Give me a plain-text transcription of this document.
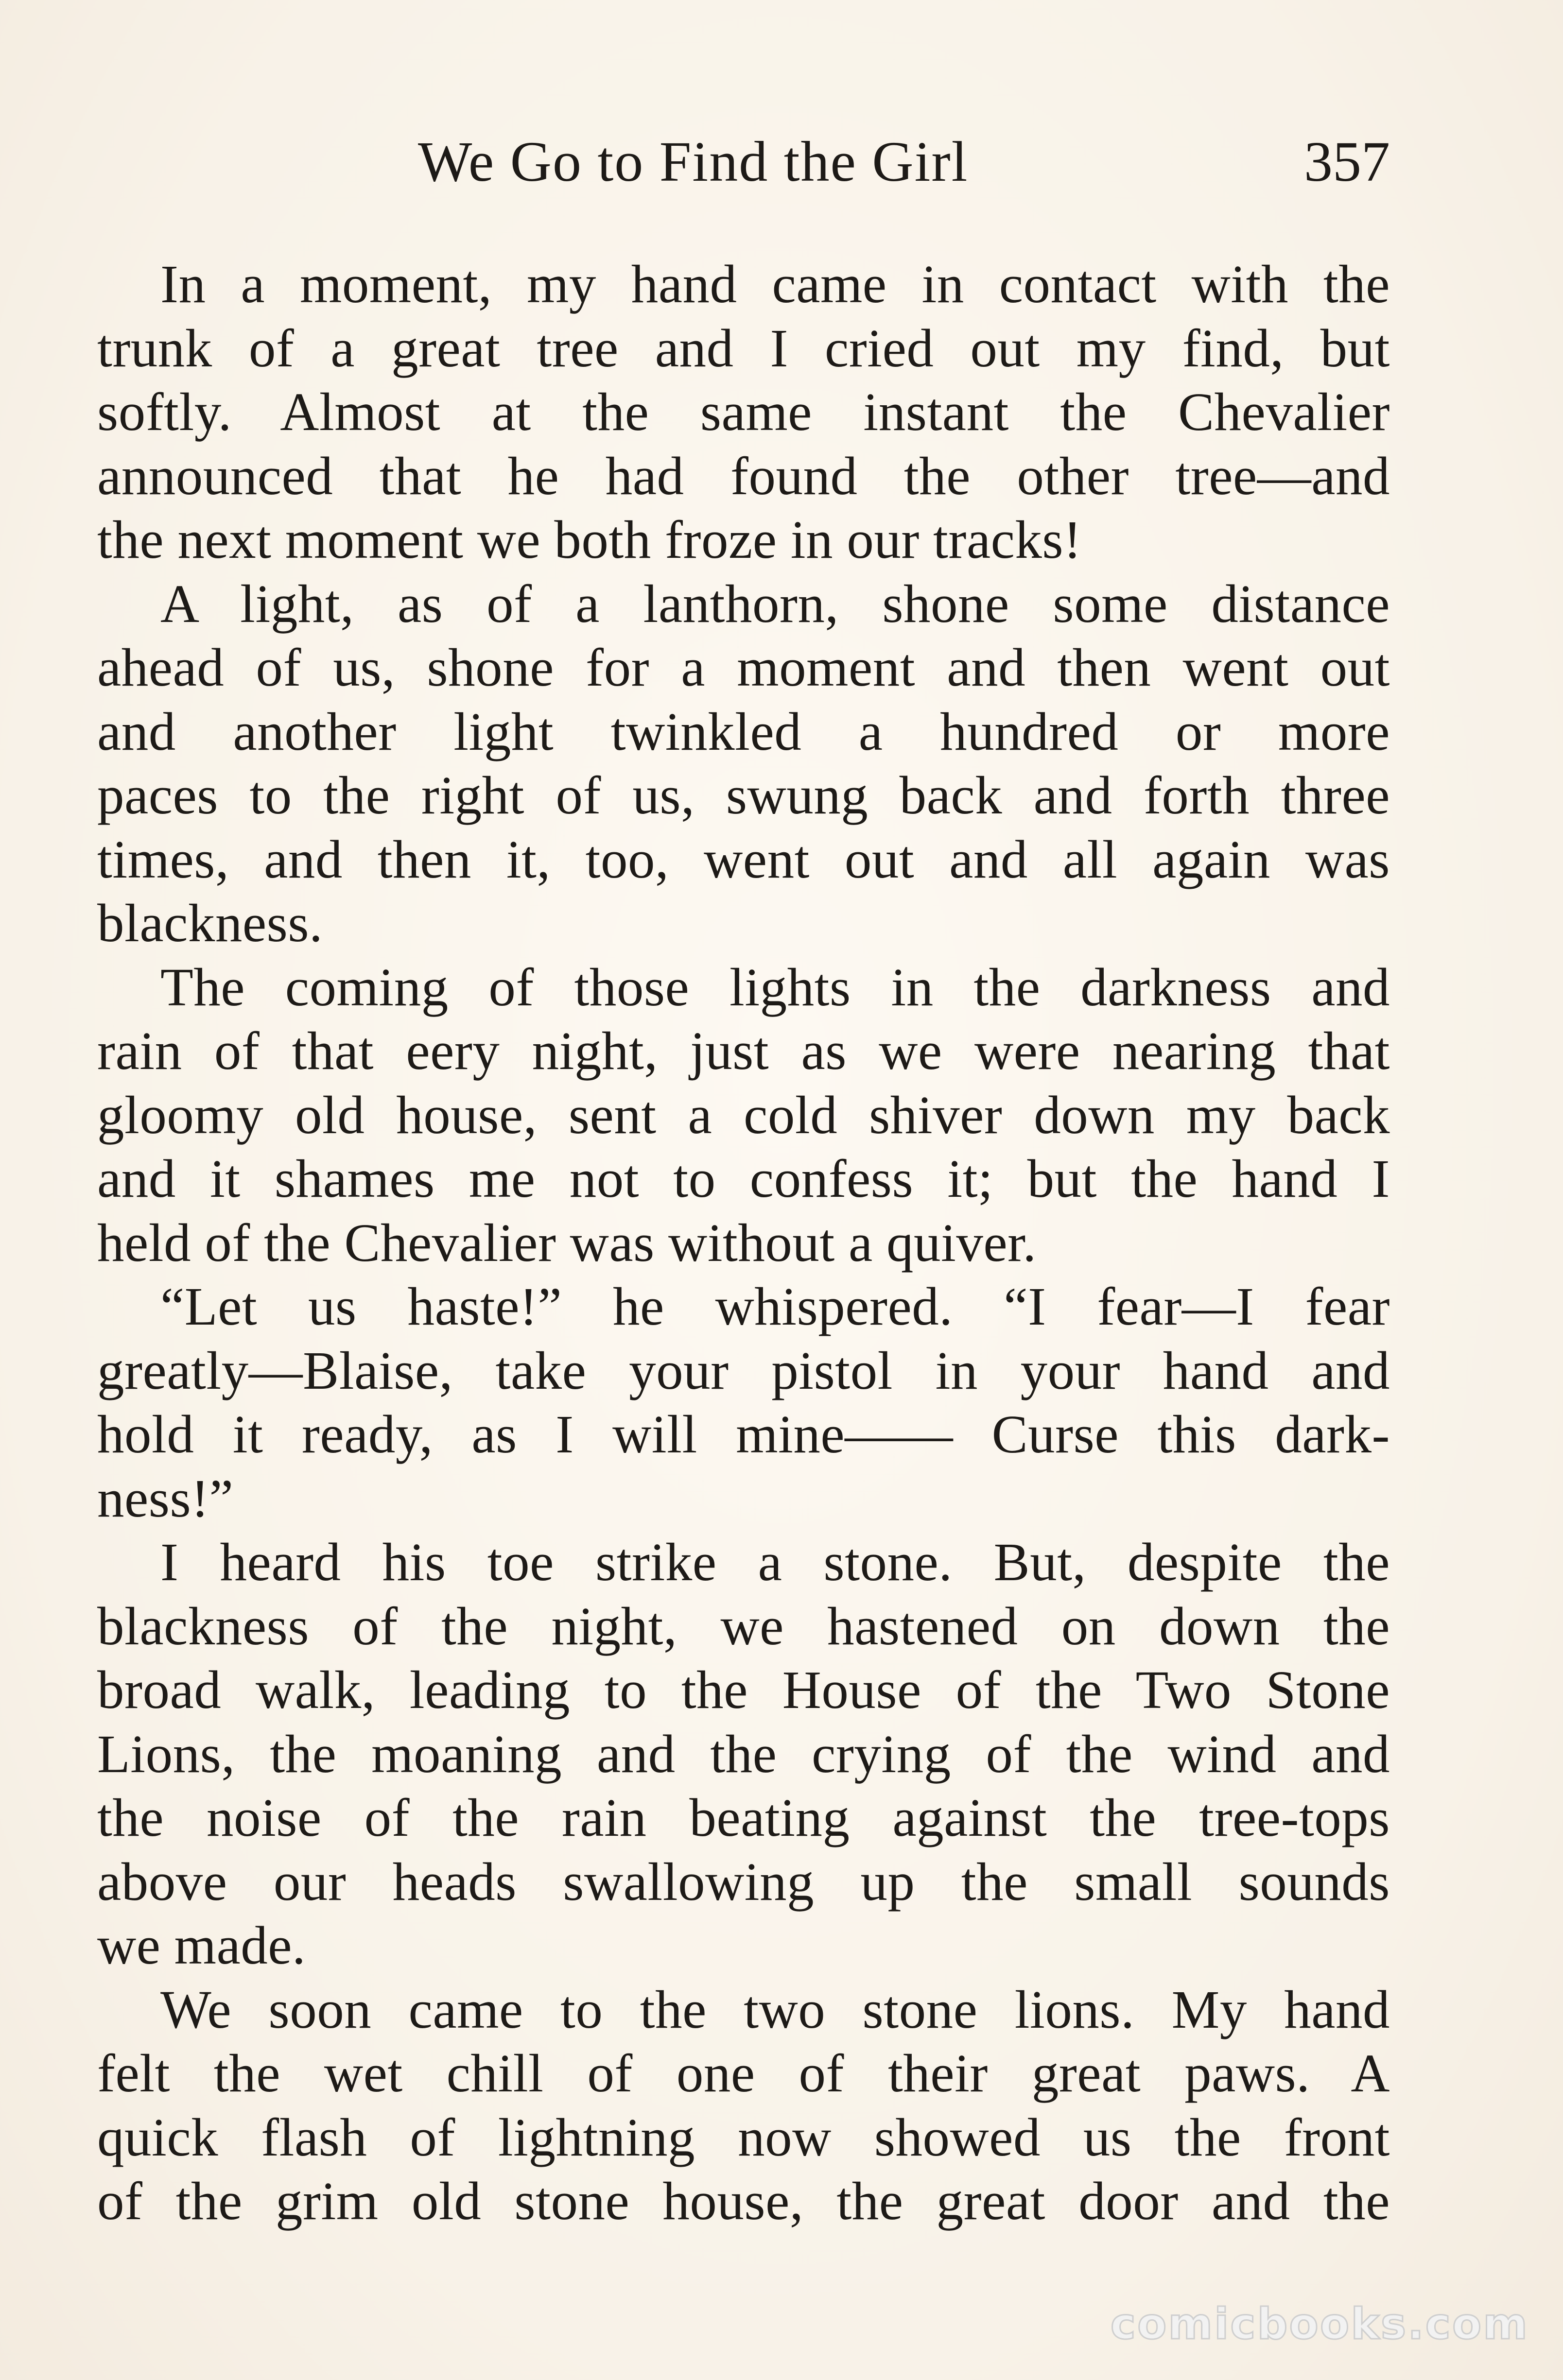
We Go to Find the Girl	357
In a moment, my hand came in contact with the
trunk of a great tree and I cried out my find, but
softly. Almost at the same instant the Chevalier
announced that he had found the other tree—and
the next moment we both froze in our tracks!
A light, as of a lanthorn, shone some distance
ahead of us, shone for a moment and then went out
and another light twinkled a hundred or more
paces to the right of us, swung back and forth three
times, and then it, too, went out and all again was
blackness.
The coming of those lights in the darkness and
rain of that eery night, just as we were nearing that
gloomy old house, sent a cold shiver down my back
and it shames me not to confess it; but the hand I
held of the Chevalier was without a quiver.
“Let us haste!” he whispered. “I fear—I fear
greatly—Blaise, take your pistol in your hand and
hold it ready, as I will mine—— Curse this dark-
ness!”
I heard his toe strike a stone. But, despite the
blackness of the night, we hastened on down the
broad walk, leading to the House of the Two Stone
Lions, the moaning and the crying of the wind and
the noise of the rain beating against the tree-tops
above our heads swallowing up the small sounds
we made.
We soon came to the two stone lions. My hand
felt the wet chill of one of their great paws. A
quick flash of lightning now showed us the front
of the grim old stone house, the great door and the
comicbooks.com
